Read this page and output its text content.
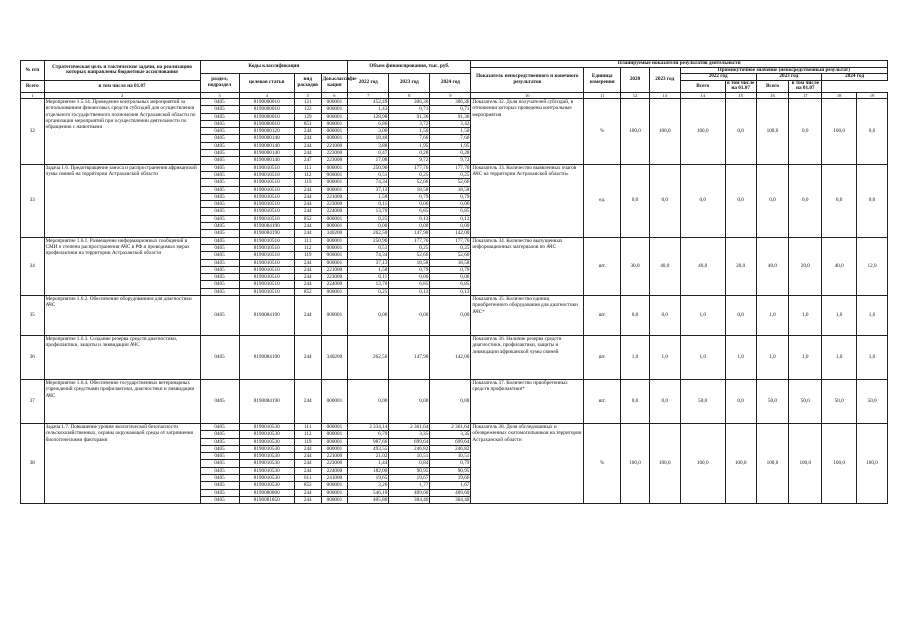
№ п/п	Стратегическая цель и тактические задачи, на реализацию которых направлены бюджетные ассигнования	Коды классификации				Объем финансирования, тыс. руб.			Планируемые показатели результатов деятельности									
									Показатель непосредственного и конечного результатов	Единица измерения	2020	2023 год	Промежуточное значение (непосредственный результат)					
		раздел, подраздел	целевая статья	вид расходов	Доп.классифи-кация	2022 год	2023 год	2024 год					2022 год		2023 год		2024 год	
Всего	в том числе на 01.07												Всего	в том числе на 01.07	Всего	в том числе на 01.07		
1	2	3	4	5	6	7	8	9	10	11	12	13	14	15	16	17	18	19
32	Мероприятие 1.5.14. Проведение контрольных мероприятий за использованием финансовых средств субсидий для осуществления отдельного государственного полномочия Астраханской области по организации мероприятий при осуществлении деятельности по обращению с животными	0405	8190000010	121	000001	452,49	306,36	306,36	Показатель 32. Доля получателей субсидий, в отношении которых проведены контрольные мероприятия	%	100,0	100,0	100,0	0,0	100,0	0,0	100,0	0,0
		0405	8190000010	122	000001	1,43	0,71	0,71										
		0405	8190000010	129	000001	128,98	91,36	91,36										
		0405	8190000010	851	000001	6,86	3,72	3,42										
		0405	8190000120	244	000001	3,00	1,50	1,50										
		0405	8190000140	244	000001	18,48	7,66	7,66										
		0405	8190000140	244	221000	3,88	1,95	1,95										
		0405	8190000140	244	223000	0,47	0,28	0,28										
		0405	8190000140	247	223000	17,08	9,72	9,72										
33	Задача 1.6. Предотвращение заноса и распространения африканской чумы свиней на территории Астраханской области	0405	8190010510	111	000001	250,96	177,76	177,76	Показатель 33. Количество выявленных очагов АЧС на территории Астраханской области»	ед.	0,0	0,0	0,0	0,0	0,0	0,0	0,0	0,0
		0405	8190010510	112	000001	0,51	0,25	0,25										
		0405	8190010510	119	000001	74,34	52,66	52,66										
		0405	8190010510	244	000001	37,13	18,58	18,58										
		0405	8190010510	244	221000	1,58	0,79	0,79										
		0405	8190010510	244	223000	0,11	0,06	0,06										
		0405	8190010510	244	224000	13,70	6,85	6,85										
		0405	8190010510	852	000001	0,25	0,13	0,13										
		0405	8190084190	244	000001	0,00	0,00	0,00										
		0405	8190084190	244	340200	262,50	147,90	142,00										
34	Мероприятие 1.6.1. Размещение информационных сообщений в СМИ о степени распространения АЧС в РФ и проводимых мерах профилактики на территории Астраханской области	0405	8190010510	111	000001	250,96	177,76	177,76	Показатель 34. Количество выпущенных информационных материалов по АЧС	шт.	30,0	40,0	40,0	20,0	40,0	20,0	40,0	12,0
		0405	8190010510	112	000001	0,51	0,25	0,25										
		0405	8190010510	119	000001	74,34	52,66	52,66										
		0405	8190010510	244	000001	37,13	18,58	18,58										
		0405	8190010510	244	221000	1,58	0,79	0,79										
		0405	8190010510	244	223000	0,11	0,06	0,06										
		0405	8190010510	244	224000	13,70	6,85	6,85										
		0405	8190010510	852	000001	0,25	0,13	0,13										
35	Мероприятие 1.6.2. Обеспечение оборудованием для диагностики АЧС	0405	8190084190	244	000001	0,00	0,00	0,00	Показатель 35. Количество единиц приобретенного оборудования для диагностики АЧС*	шт.	0,0	0,0	1,0	0,0	1,0	1,0	1,0	1,0
36	Мероприятие 1.6.3. Создание резерва средств диагностики, профилактики, защиты и ликвидации АЧС	0405	8190084190	244	340200	262,50	147,90	142,00	Показатель 36. Наличие резерва средств диагностики, профилактики, защиты и ликвидации африканской чумы свиней	шт.	1,0	1,0	1,0	1,0	1,0	1,0	1,0	1,0
37	Мероприятие 1.6.4. Обеспечение государственных ветеринарных учреждений средствами профилактики, диагностики и ликвидации АЧС	0405	8190084190	244	000001	0,00	0,00	0,00	Показатель 37. Количество приобретенных средств профилактики*	шт.	0,0	0,0	50,0	0,0	50,0	50,0	50,0	50,0
38	Задача 1.7. Повышение уровня экологической безопасности сельскохозяйственных, охраны окружающей среды от загрязнения биологическими факторами	0405	8190010530	111	000001	3 334,14	2 361,64	2 361,64	Показатель 38. Доля обследованных и обезвреженных скотомогильников на территории Астраханской области	%	100,0	100,0	100,0	100,0	100,0	100,0	100,0	100,0
		0405	8190010530	112	000001	6,79	3,35	3,35										
		0405	8190010530	119	000001	987,66	699,64	699,64										
		0405	8190010530	244	000001	493,55	246,82	246,82										
		0405	8190010530	244	221000	21,02	10,51	10,51										
		0405	8190010530	244	223000	1,44	0,84	0,79										
		0405	8190010530	244	224000	182,00	90,95	90,95										
		0405	8190010530	611	241000	19,65	19,67	19,66										
		0405	8190010530	852	000001	3,26	1,77	1,67										
		0405	8190080800	244	000001	546,10	409,60	409,60										
		0405	8190081850	244	000001	405,80	304,40	304,40										
